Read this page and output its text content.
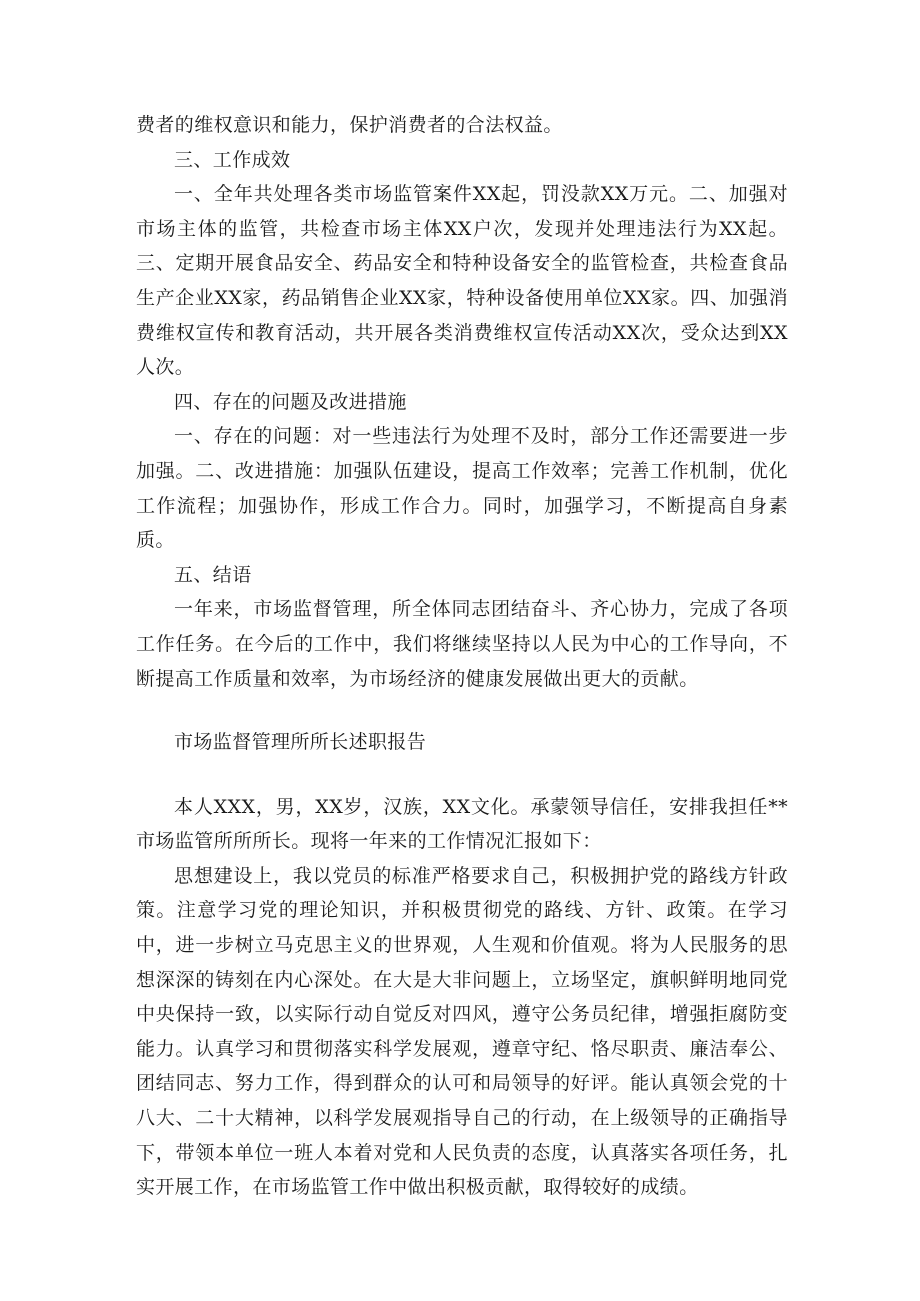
费者的维权意识和能力，保护消费者的合法权益。

三、工作成效

一、全年共处理各类市场监管案件XX起，罚没款XX万元。二、加强对市场主体的监管，共检查市场主体XX户次，发现并处理违法行为XX起。三、定期开展食品安全、药品安全和特种设备安全的监管检查，共检查食品生产企业XX家，药品销售企业XX家，特种设备使用单位XX家。四、加强消费维权宣传和教育活动，共开展各类消费维权宣传活动XX次，受众达到XX人次。

四、存在的问题及改进措施

一、存在的问题：对一些违法行为处理不及时，部分工作还需要进一步加强。二、改进措施：加强队伍建设，提高工作效率；完善工作机制，优化工作流程；加强协作，形成工作合力。同时，加强学习，不断提高自身素质。

五、结语

一年来，市场监督管理，所全体同志团结奋斗、齐心协力，完成了各项工作任务。在今后的工作中，我们将继续坚持以人民为中心的工作导向，不断提高工作质量和效率，为市场经济的健康发展做出更大的贡献。

市场监督管理所所长述职报告

本人XXX，男，XX岁，汉族，XX文化。承蒙领导信任，安排我担任**市场监管所所所长。现将一年来的工作情况汇报如下：

思想建设上，我以党员的标准严格要求自己，积极拥护党的路线方针政策。注意学习党的理论知识，并积极贯彻党的路线、方针、政策。在学习中，进一步树立马克思主义的世界观，人生观和价值观。将为人民服务的思想深深的铸刻在内心深处。在大是大非问题上，立场坚定，旗帜鲜明地同党中央保持一致，以实际行动自觉反对四风，遵守公务员纪律，增强拒腐防变能力。认真学习和贯彻落实科学发展观，遵章守纪、恪尽职责、廉洁奉公、团结同志、努力工作，得到群众的认可和局领导的好评。能认真领会党的十八大、二十大精神，以科学发展观指导自己的行动，在上级领导的正确指导下，带领本单位一班人本着对党和人民负责的态度，认真落实各项任务，扎实开展工作，在市场监管工作中做出积极贡献，取得较好的成绩。
